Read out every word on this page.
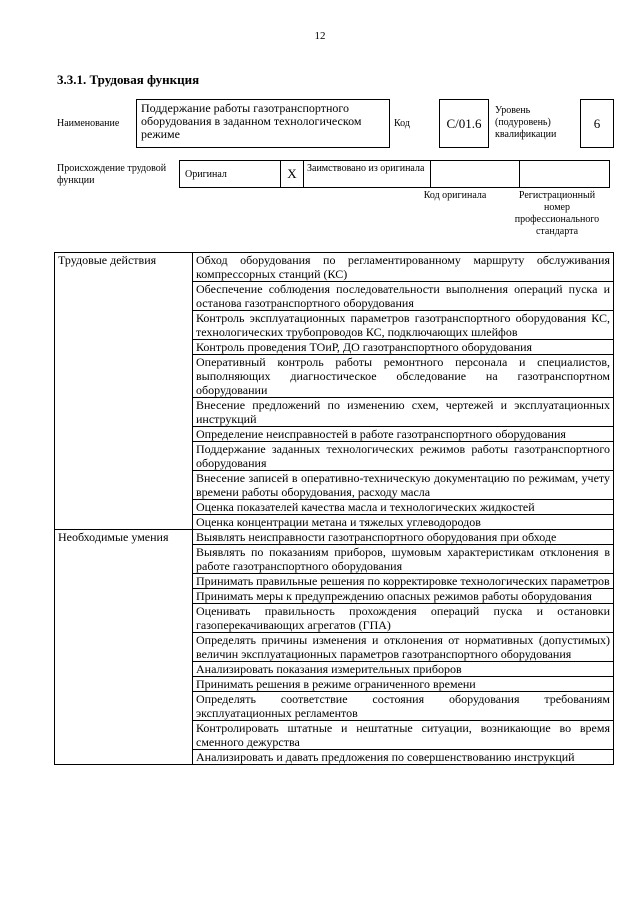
12
3.3.1. Трудовая функция
Наименование
Поддержание работы газотранспортного оборудования в заданном технологическом режиме
Код	С/01.6
Уровень (подуровень) квалификации
6
Происхождение трудовой функции
Оригинал	X	Заимствовано из оригинала
Код оригинала	Регистрационный номер профессионального стандарта
Трудовые действия	Обход оборудования по регламентированному маршруту обслуживания компрессорных станций (КС)
	Обеспечение соблюдения последовательности выполнения операций пуска и останова газотранспортного оборудования
	Контроль эксплуатационных параметров газотранспортного оборудования КС, технологических трубопроводов КС, подключающих шлейфов
	Контроль проведения ТОиР, ДО газотранспортного оборудования
	Оперативный контроль работы ремонтного персонала и специалистов, выполняющих диагностическое обследование на газотранспортном оборудовании
	Внесение предложений по изменению схем, чертежей и эксплуатационных инструкций
	Определение неисправностей в работе газотранспортного оборудования
	Поддержание заданных технологических режимов работы газотранспортного оборудования
	Внесение записей в оперативно-техническую документацию по режимам, учету времени работы оборудования, расходу масла
	Оценка показателей качества масла и технологических жидкостей
	Оценка концентрации метана и тяжелых углеводородов
Необходимые умения	Выявлять неисправности газотранспортного оборудования при обходе
	Выявлять по показаниям приборов, шумовым характеристикам отклонения в работе газотранспортного оборудования
	Принимать правильные решения по корректировке технологических параметров
	Принимать меры к предупреждению опасных режимов работы оборудования
	Оценивать правильность прохождения операций пуска и остановки газоперекачивающих агрегатов (ГПА)
	Определять причины изменения и отклонения от нормативных (допустимых) величин эксплуатационных параметров газотранспортного оборудования
	Анализировать показания измерительных приборов
	Принимать решения в режиме ограниченного времени
	Определять соответствие состояния оборудования требованиям эксплуатационных регламентов
	Контролировать штатные и нештатные ситуации, возникающие во время сменного дежурства
	Анализировать и давать предложения по совершенствованию инструкций
